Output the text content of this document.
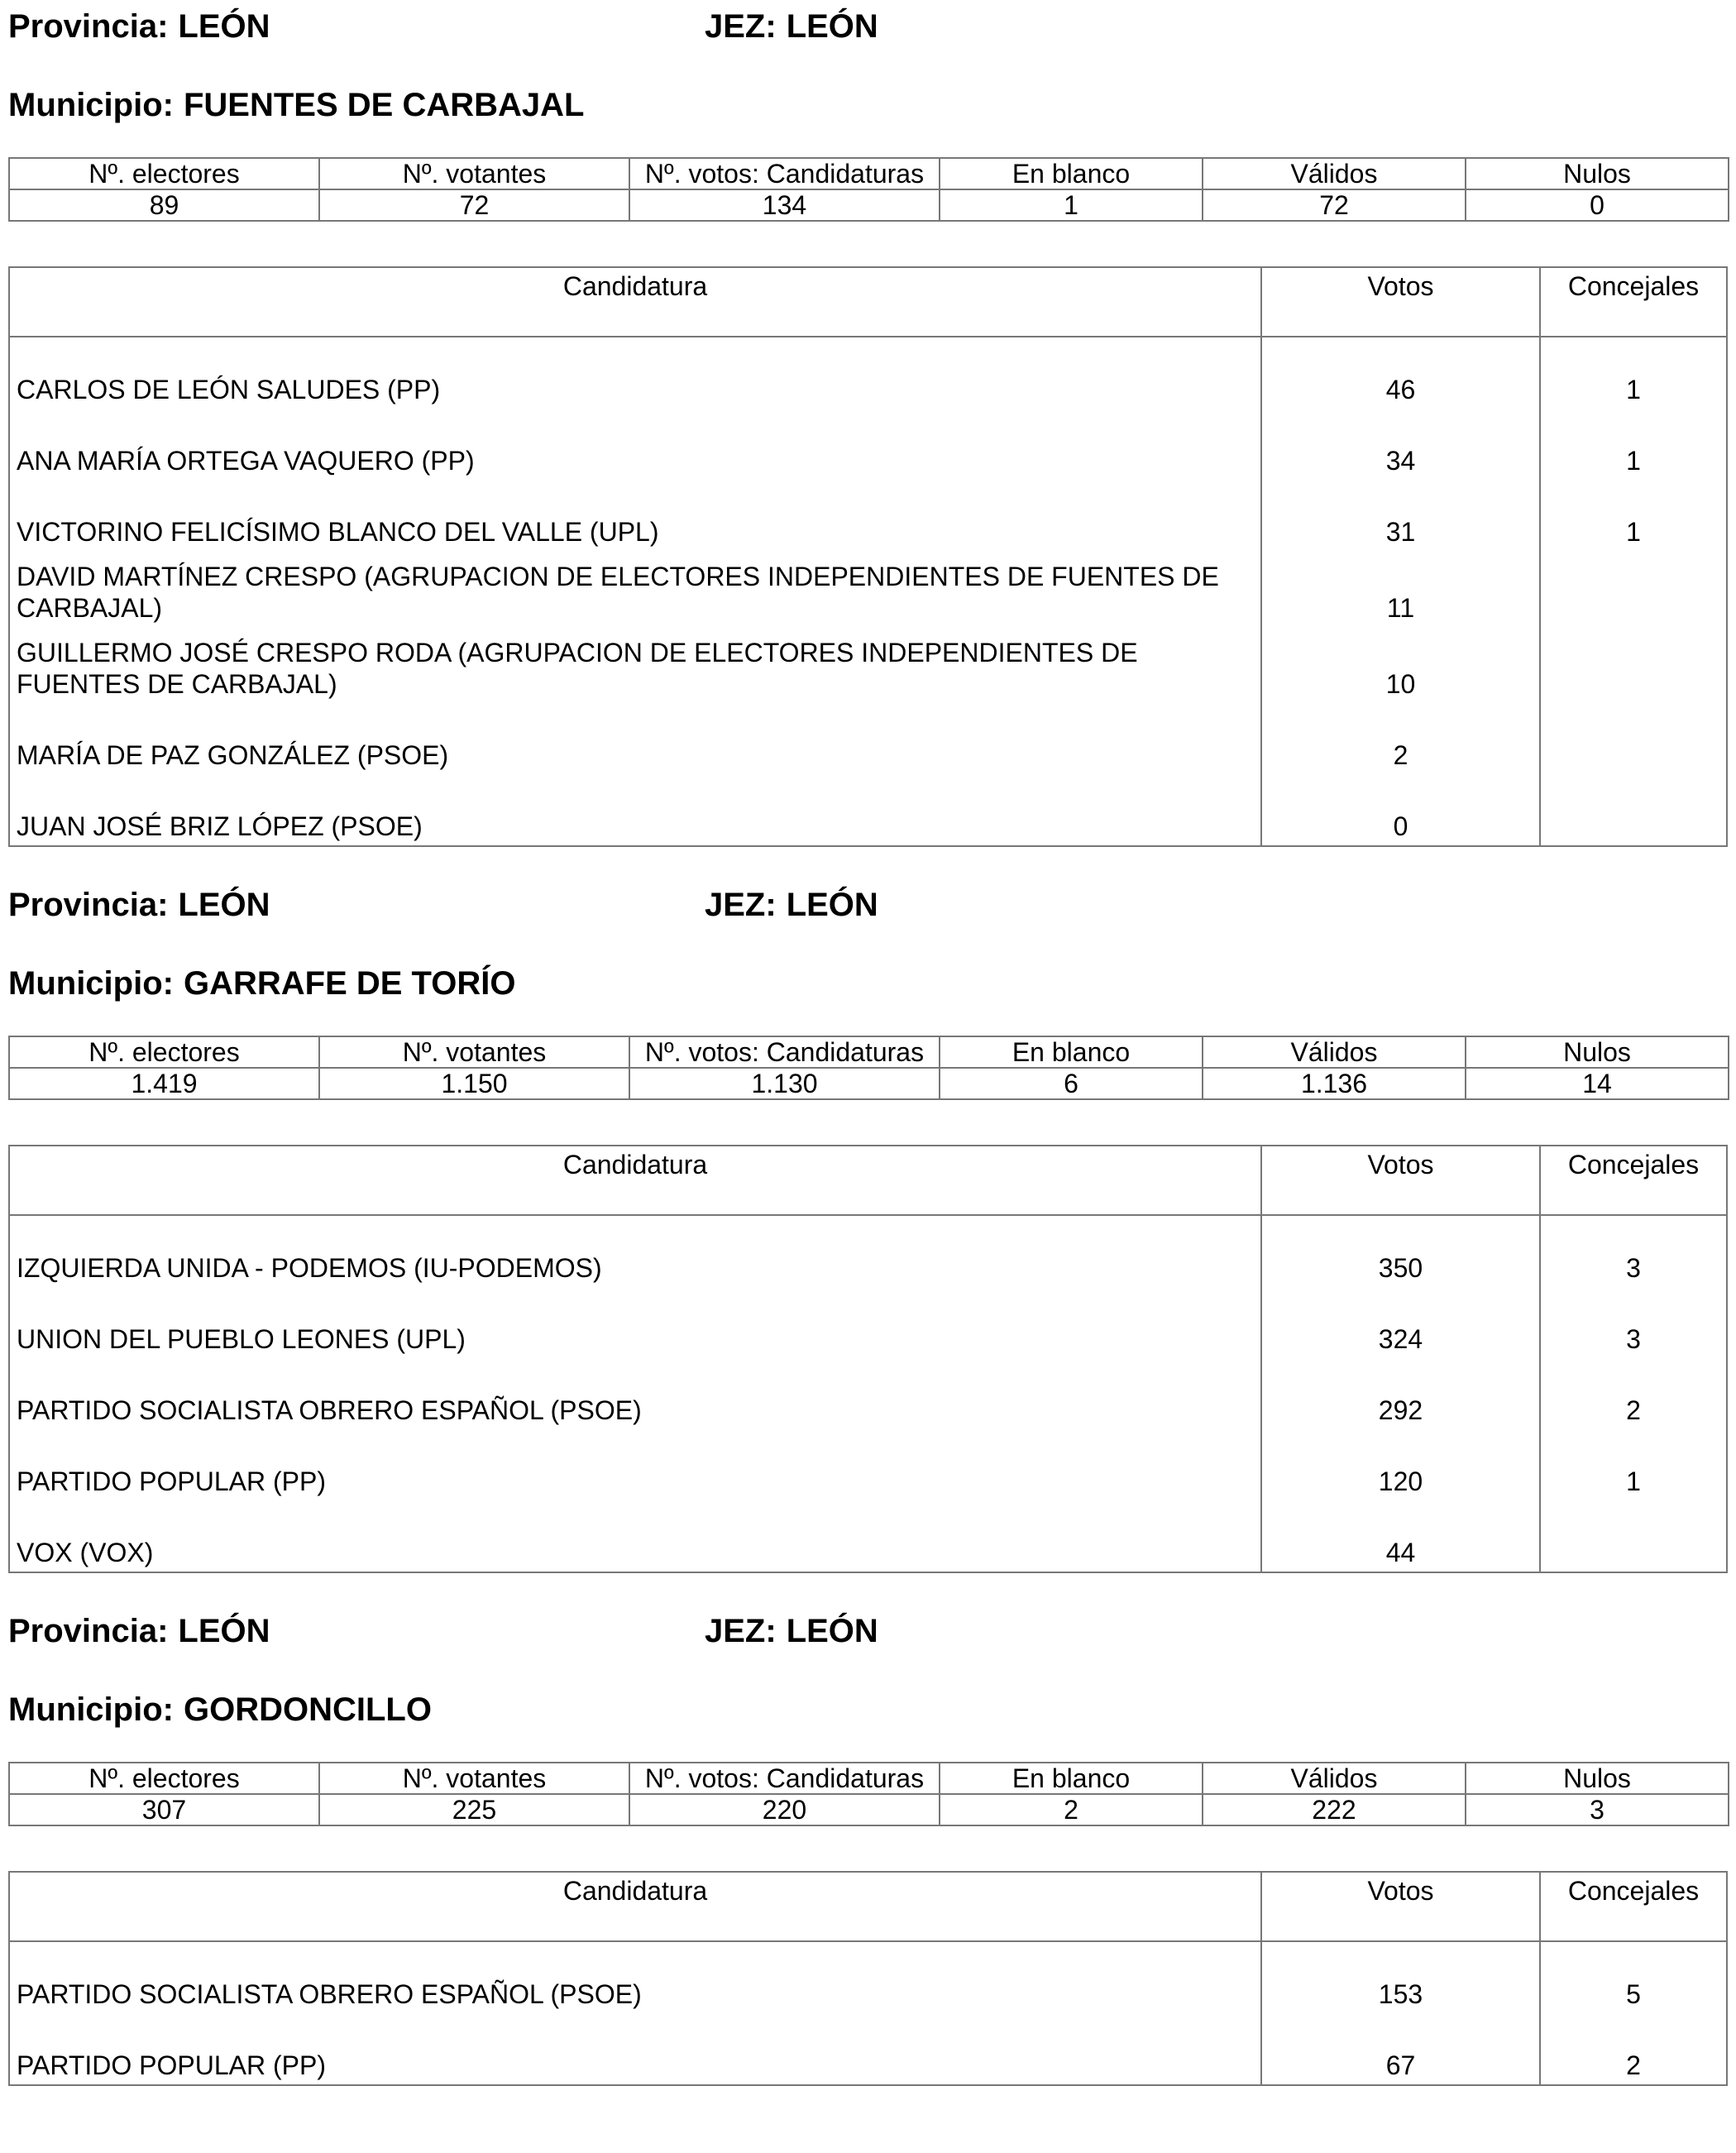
Provincia: LEÓN	JEZ: LEÓN
Municipio: FUENTES DE CARBAJAL
Nº. electores	Nº. votantes	Nº. votos: Candidaturas	En blanco	Válidos	Nulos
89	72	134	1	72	0
Candidatura	Votos	Concejales
CARLOS DE LEÓN SALUDES (PP)	46	1
ANA MARÍA ORTEGA VAQUERO (PP)	34	1
VICTORINO FELICÍSIMO BLANCO DEL VALLE (UPL)	31	1
DAVID MARTÍNEZ CRESPO (AGRUPACION DE ELECTORES INDEPENDIENTES DE FUENTES DE CARBAJAL)	11
GUILLERMO JOSÉ CRESPO RODA (AGRUPACION DE ELECTORES INDEPENDIENTES DE FUENTES DE CARBAJAL)	10
MARÍA DE PAZ GONZÁLEZ (PSOE)	2
JUAN JOSÉ BRIZ LÓPEZ (PSOE)	0
Provincia: LEÓN	JEZ: LEÓN
Municipio: GARRAFE DE TORÍO
Nº. electores	Nº. votantes	Nº. votos: Candidaturas	En blanco	Válidos	Nulos
1.419	1.150	1.130	6	1.136	14
Candidatura	Votos	Concejales
IZQUIERDA UNIDA - PODEMOS (IU-PODEMOS)	350	3
UNION DEL PUEBLO LEONES (UPL)	324	3
PARTIDO SOCIALISTA OBRERO ESPAÑOL (PSOE)	292	2
PARTIDO POPULAR (PP)	120	1
VOX (VOX)	44
Provincia: LEÓN	JEZ: LEÓN
Municipio: GORDONCILLO
Nº. electores	Nº. votantes	Nº. votos: Candidaturas	En blanco	Válidos	Nulos
307	225	220	2	222	3
Candidatura	Votos	Concejales
PARTIDO SOCIALISTA OBRERO ESPAÑOL (PSOE)	153	5
PARTIDO POPULAR (PP)	67	2
